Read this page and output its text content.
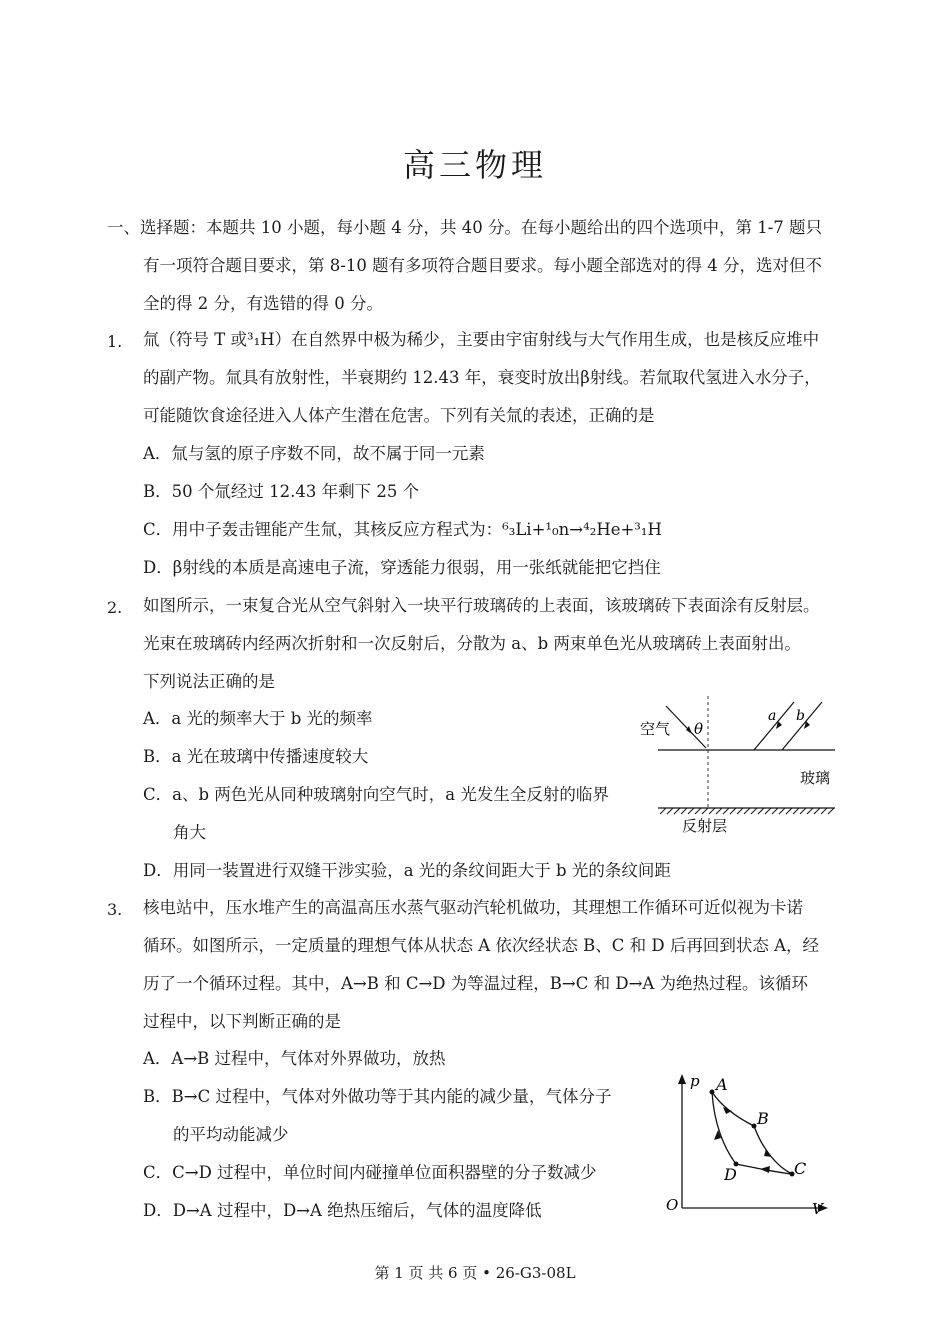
高三物理
一、选择题：本题共 10 小题，每小题 4 分，共 40 分。在每小题给出的四个选项中，第 1-7 题只
有一项符合题目要求，第 8-10 题有多项符合题目要求。每小题全部选对的得 4 分，选对但不
全的得 2 分，有选错的得 0 分。
1. 氚（符号 T 或³₁H）在自然界中极为稀少，主要由宇宙射线与大气作用生成，也是核反应堆中
的副产物。氚具有放射性，半衰期约 12.43 年，衰变时放出β射线。若氚取代氢进入水分子，
可能随饮食途径进入人体产生潜在危害。下列有关氚的表述，正确的是
A．氚与氢的原子序数不同，故不属于同一元素
B．50 个氚经过 12.43 年剩下 25 个
C．用中子轰击锂能产生氚，其核反应方程式为：⁶₃Li+¹₀n→⁴₂He+³₁H
D．β射线的本质是高速电子流，穿透能力很弱，用一张纸就能把它挡住
2. 如图所示，一束复合光从空气斜射入一块平行玻璃砖的上表面，该玻璃砖下表面涂有反射层。
光束在玻璃砖内经两次折射和一次反射后，分散为 a、b 两束单色光从玻璃砖上表面射出。
下列说法正确的是
A．a 光的频率大于 b 光的频率
B．a 光在玻璃中传播速度较大
C．a、b 两色光从同种玻璃射向空气时，a 光发生全反射的临界
角大
D．用同一装置进行双缝干涉实验，a 光的条纹间距大于 b 光的条纹间距
空气 θ
a b
玻璃
反射层
3. 核电站中，压水堆产生的高温高压水蒸气驱动汽轮机做功，其理想工作循环可近似视为卡诺
循环。如图所示，一定质量的理想气体从状态 A 依次经状态 B、C 和 D 后再回到状态 A，经
历了一个循环过程。其中，A→B 和 C→D 为等温过程，B→C 和 D→A 为绝热过程。该循环
过程中，以下判断正确的是
A．A→B 过程中，气体对外界做功，放热
B．B→C 过程中，气体对外做功等于其内能的减少量，气体分子
的平均动能减少
C．C→D 过程中，单位时间内碰撞单位面积器壁的分子数减少
D．D→A 过程中，D→A 绝热压缩后，气体的温度降低
p
V
O
A
B
C
D
第 1 页 共 6 页 • 26-G3-08L
